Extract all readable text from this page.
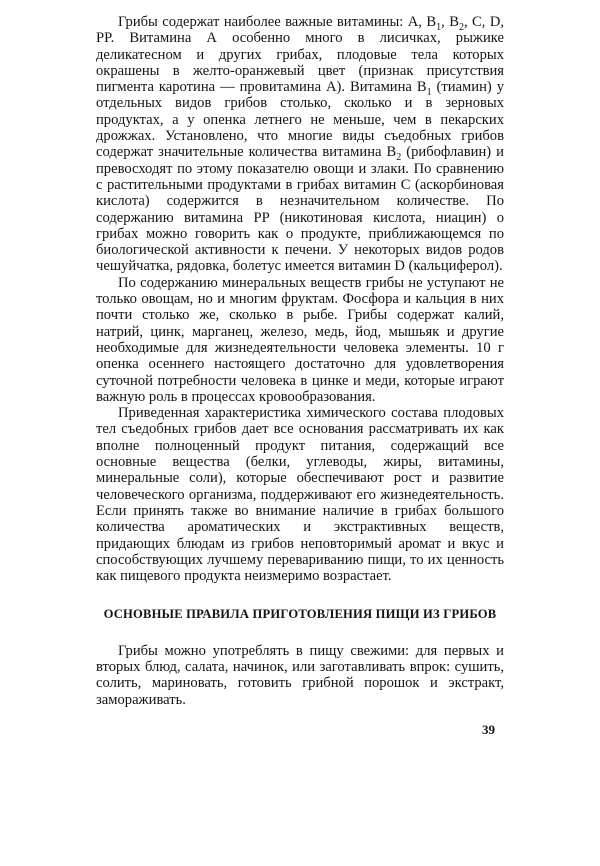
Грибы содержат наиболее важные витамины: А, $В_1$, $В_2$, С, D, PP. Витамина А особенно много в лисичках, рыжике деликатесном и других грибах, плодовые тела которых окрашены в желто-оранжевый цвет (признак присутствия пигмента каротина — провитамина А). Витамина $В_1$ (тиамин) у отдельных видов грибов столько, сколько и в зерновых продуктах, а у опенка летнего не меньше, чем в пекарских дрожжах. Установлено, что многие виды съедобных грибов содержат значительные количества витамина $В_2$ (рибофлавин) и превосходят по этому показателю овощи и злаки. По сравнению с растительными продуктами в грибах витамин С (аскорбиновая кислота) содержится в незначительном количестве. По содержанию витамина PP (никотиновая кислота, ниацин) о грибах можно говорить как о продукте, приближающемся по биологической активности к печени. У некоторых видов родов чешуйчатка, рядовка, болетус имеется витамин D (кальциферол).

По содержанию минеральных веществ грибы не уступают не только овощам, но и многим фруктам. Фосфора и кальция в них почти столько же, сколько в рыбе. Грибы содержат калий, натрий, цинк, марганец, железо, медь, йод, мышьяк и другие необходимые для жизнедеятельности человека элементы. 10 г опенка осеннего настоящего достаточно для удовлетворения суточной потребности человека в цинке и меди, которые играют важную роль в процессах кровообразования.

Приведенная характеристика химического состава плодовых тел съедобных грибов дает все основания рассматривать их как вполне полноценный продукт питания, содержащий все основные вещества (белки, углеводы, жиры, витамины, минеральные соли), которые обеспечивают рост и развитие человеческого организма, поддерживают его жизнедеятельность. Если принять также во внимание наличие в грибах большого количества ароматических и экстрактивных веществ, придающих блюдам из грибов неповторимый аромат и вкус и способствующих лучшему перевариванию пищи, то их ценность как пищевого продукта неизмеримо возрастает.

ОСНОВНЫЕ ПРАВИЛА ПРИГОТОВЛЕНИЯ ПИЩИ ИЗ ГРИБОВ

Грибы можно употреблять в пищу свежими: для первых и вторых блюд, салата, начинок, или заготавливать впрок: сушить, солить, мариновать, готовить грибной порошок и экстракт, замораживать.

39
